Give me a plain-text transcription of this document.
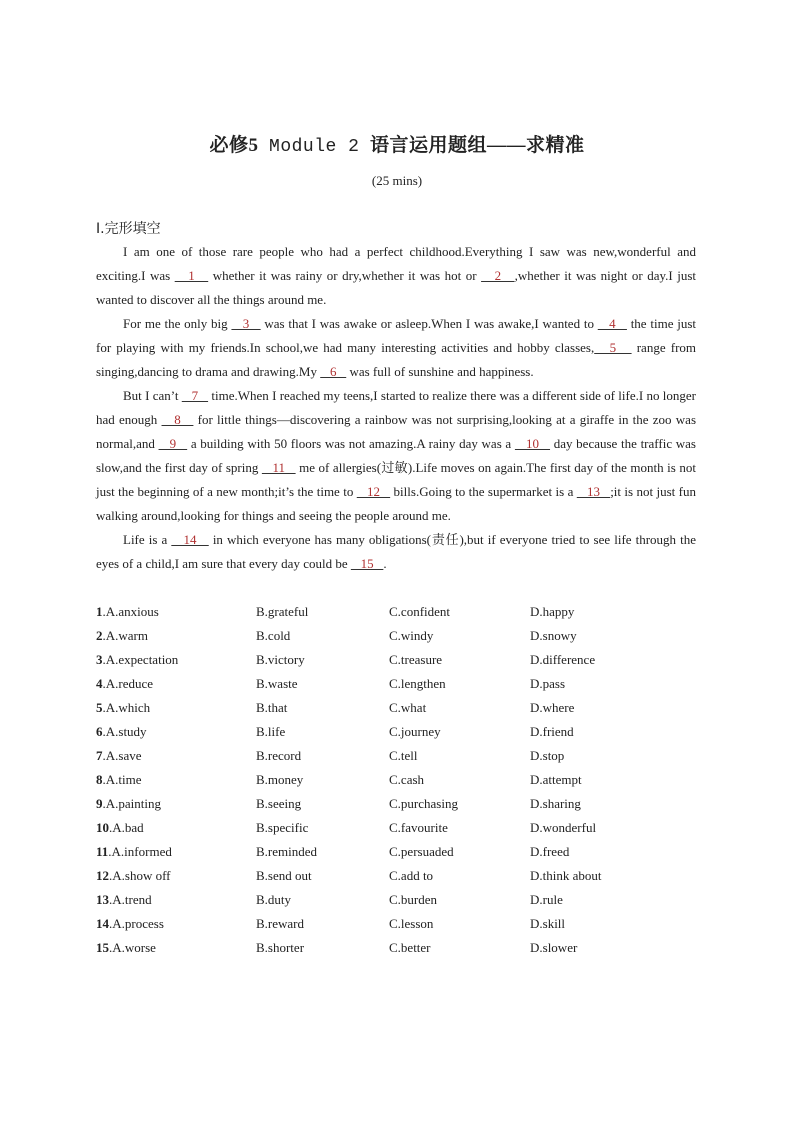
必修5 Module 2 语言运用题组——求精准
(25 mins)
Ⅰ.完形填空

I am one of those rare people who had a perfect childhood.Everything I saw was new,wonderful and exciting.I was    1    whether it was rainy or dry,whether it was hot or    2   ,whether it was night or day.I just wanted to discover all the things around me.

For me the only big    3    was that I was awake or asleep.When I was awake,I wanted to    4    the time just for playing with my friends.In school,we had many interesting activities and hobby classes,   5    range from singing,dancing to drama and drawing.My    6    was full of sunshine and happiness.

But I can’t    7    time.When I reached my teens,I started to realize there was a different side of life.I no longer had enough    8    for little things—discovering a rainbow was not surprising,looking at a giraffe in the zoo was normal,and    9    a building with 50 floors was not amazing.A rainy day was a    10    day because the traffic was slow,and the first day of spring    11    me of allergies(过敏).Life moves on again.The first day of the month is not just the beginning of a new month;it’s the time to    12    bills.Going to the supermarket is a    13   ;it is not just fun walking around,looking for things and seeing the people around me.

Life is a    14    in which everyone has many obligations(责任),but if everyone tried to see life through the eyes of a child,I am sure that every day could be    15   .

1.A.anxious	B.grateful	C.confident	D.happy
2.A.warm	B.cold	C.windy	D.snowy
3.A.expectation	B.victory	C.treasure	D.difference
4.A.reduce	B.waste	C.lengthen	D.pass
5.A.which	B.that	C.what	D.where
6.A.study	B.life	C.journey	D.friend
7.A.save	B.record	C.tell	D.stop
8.A.time	B.money	C.cash	D.attempt
9.A.painting	B.seeing	C.purchasing	D.sharing
10.A.bad	B.specific	C.favourite	D.wonderful
11.A.informed	B.reminded	C.persuaded	D.freed
12.A.show off	B.send out	C.add to	D.think about
13.A.trend	B.duty	C.burden	D.rule
14.A.process	B.reward	C.lesson	D.skill
15.A.worse	B.shorter	C.better	D.slower
